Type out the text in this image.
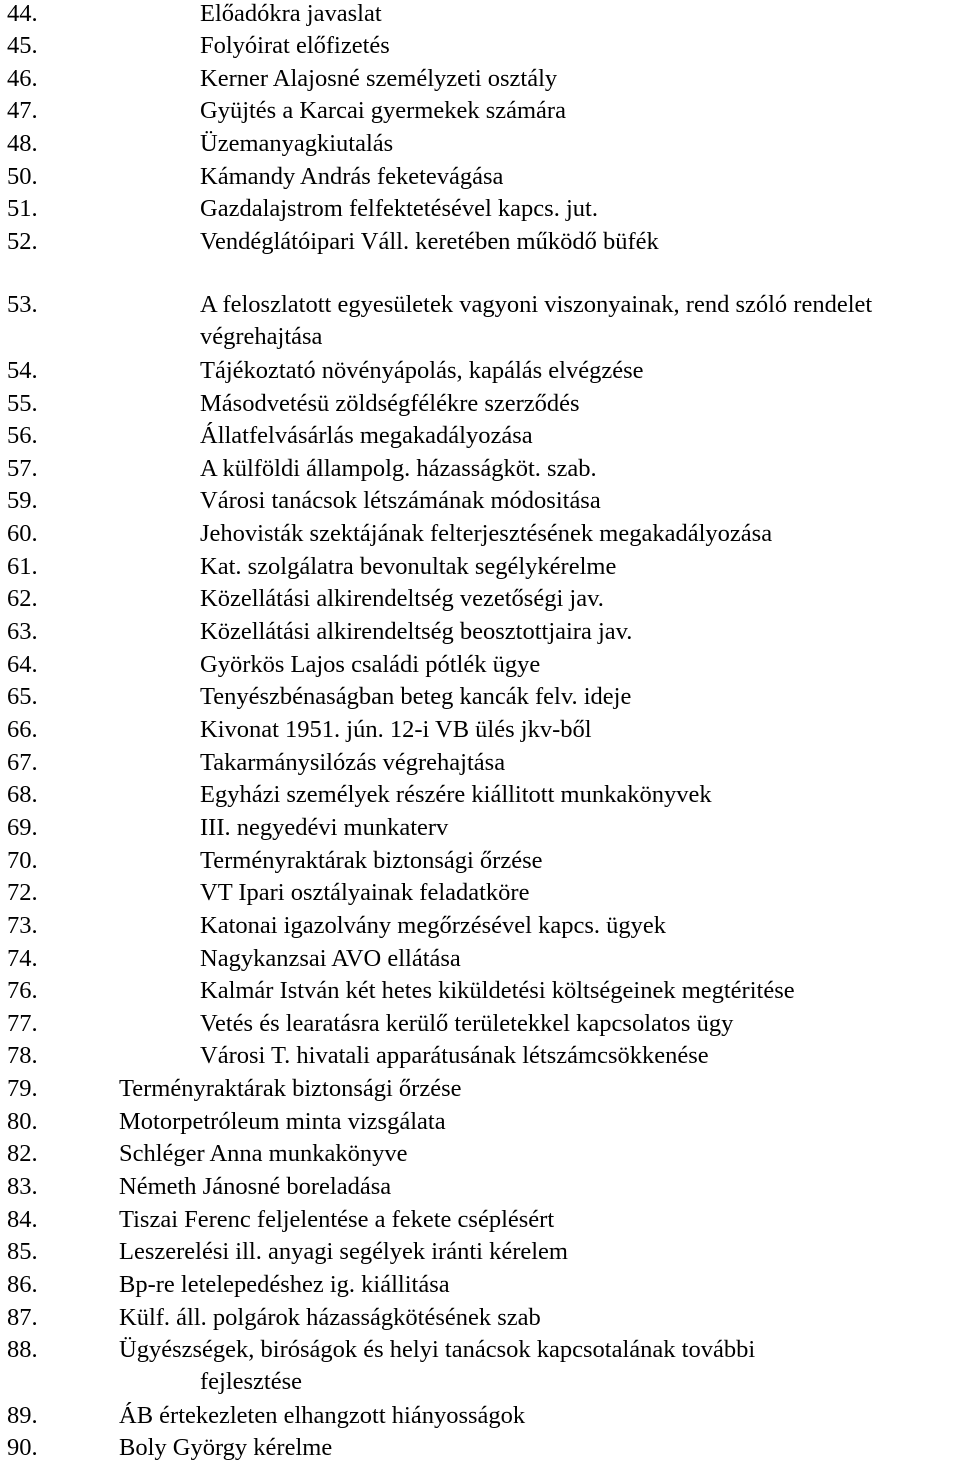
44.	Előadókra javaslat
45.	Folyóirat előfizetés
46.	Kerner Alajosné személyzeti osztály
47.	Gyüjtés a Karcai gyermekek számára
48.	Üzemanyagkiutalás
50.	Kámandy András feketevágása
51.	Gazdalajstrom felfektetésével kapcs. jut.
52.	Vendéglátóipari Váll. keretében működő büfék
53.	A feloszlatott egyesületek vagyoni viszonyainak, rend szóló rendelet
végrehajtása
54.	Tájékoztató növényápolás, kapálás elvégzése
55.	Másodvetésü zöldségfélékre szerződés
56.	Állatfelvásárlás megakadályozása
57.	A külföldi állampolg. házasságköt. szab.
59.	Városi tanácsok létszámának módositása
60.	Jehovisták szektájának felterjesztésének megakadályozása
61.	Kat. szolgálatra bevonultak segélykérelme
62.	Közellátási alkirendeltség vezetőségi jav.
63.	Közellátási alkirendeltség beosztottjaira jav.
64.	Györkös Lajos családi pótlék ügye
65.	Tenyészbénaságban beteg kancák felv. ideje
66.	Kivonat 1951. jún. 12-i VB ülés jkv-ből
67.	Takarmánysilózás végrehajtása
68.	Egyházi személyek részére kiállitott munkakönyvek
69.	III. negyedévi munkaterv
70.	Terményraktárak biztonsági őrzése
72.	VT Ipari osztályainak feladatköre
73.	Katonai igazolvány megőrzésével kapcs. ügyek
74.	Nagykanzsai AVO ellátása
76.	Kalmár István két hetes kiküldetési költségeinek megtéritése
77.	Vetés és learatásra kerülő területekkel kapcsolatos ügy
78.	Városi T. hivatali apparátusának létszámcsökkenése
79.	Terményraktárak biztonsági őrzése
80.	Motorpetróleum minta vizsgálata
82.	Schléger Anna munkakönyve
83.	Németh Jánosné boreladása
84.	Tiszai Ferenc feljelentése a fekete cséplésért
85.	Leszerelési ill. anyagi segélyek iránti kérelem
86.	Bp-re letelepedéshez ig. kiállitása
87.	Külf. áll. polgárok házasságkötésének szab
88.	Ügyészségek, biróságok és helyi tanácsok kapcsotalának további
fejlesztése
89.	ÁB értekezleten elhangzott hiányosságok
90.	Boly György kérelme
